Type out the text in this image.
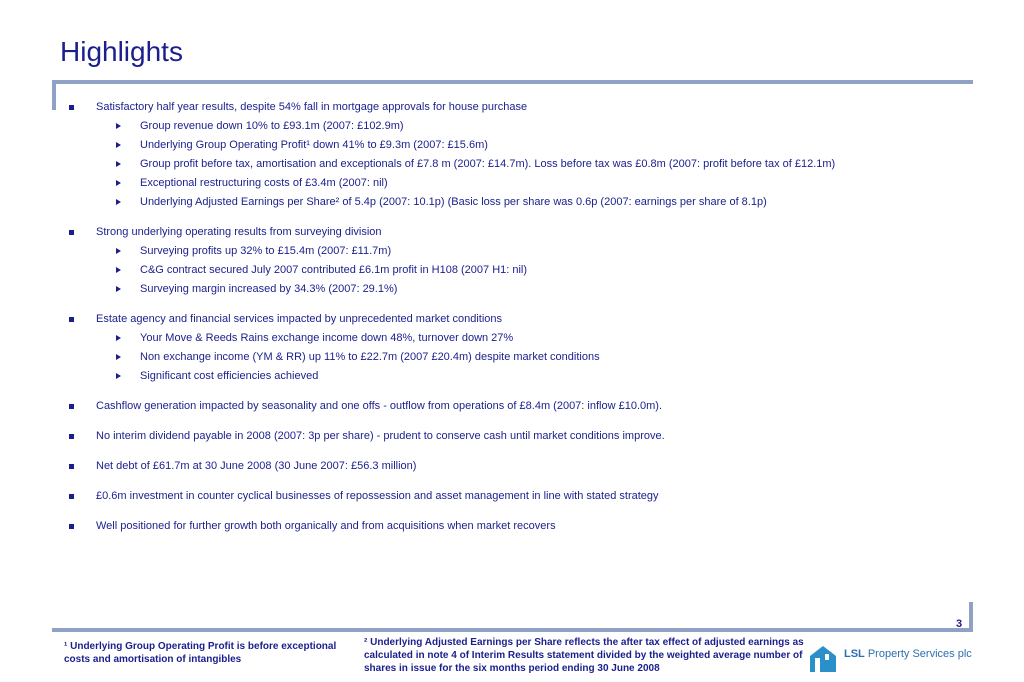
Highlights
Satisfactory half year results, despite 54% fall in mortgage approvals for house purchase
Group revenue down 10% to £93.1m (2007: £102.9m)
Underlying Group Operating Profit¹ down 41% to £9.3m (2007: £15.6m)
Group profit before tax, amortisation and exceptionals of £7.8 m (2007: £14.7m). Loss before tax was £0.8m (2007: profit before tax of £12.1m)
Exceptional restructuring costs of £3.4m (2007: nil)
Underlying Adjusted Earnings per Share² of 5.4p (2007: 10.1p) (Basic loss per share was 0.6p (2007: earnings per share of 8.1p)
Strong underlying operating results from surveying division
Surveying profits up 32% to £15.4m (2007: £11.7m)
C&G contract secured July 2007 contributed £6.1m profit in H108 (2007 H1: nil)
Surveying margin increased by 34.3% (2007: 29.1%)
Estate agency and financial services impacted by unprecedented market conditions
Your Move & Reeds Rains exchange income down 48%, turnover down 27%
Non exchange income (YM & RR) up 11% to £22.7m (2007 £20.4m) despite market conditions
Significant cost efficiencies achieved
Cashflow generation impacted by seasonality and one offs - outflow from operations of £8.4m (2007: inflow £10.0m).
No interim dividend payable in 2008 (2007: 3p per share) - prudent to conserve cash until market conditions improve.
Net debt of £61.7m at 30 June 2008 (30 June 2007: £56.3 million)
£0.6m investment in counter cyclical businesses of repossession and asset management in line with stated strategy
Well positioned for further growth both organically and from acquisitions when market recovers
3
¹ Underlying Group Operating Profit is before exceptional costs and amortisation of intangibles
² Underlying Adjusted Earnings per Share reflects the after tax effect of adjusted earnings as calculated in note 4 of Interim Results statement divided by the weighted average number of shares in issue for the six months period ending 30 June 2008
LSL Property Services plc
